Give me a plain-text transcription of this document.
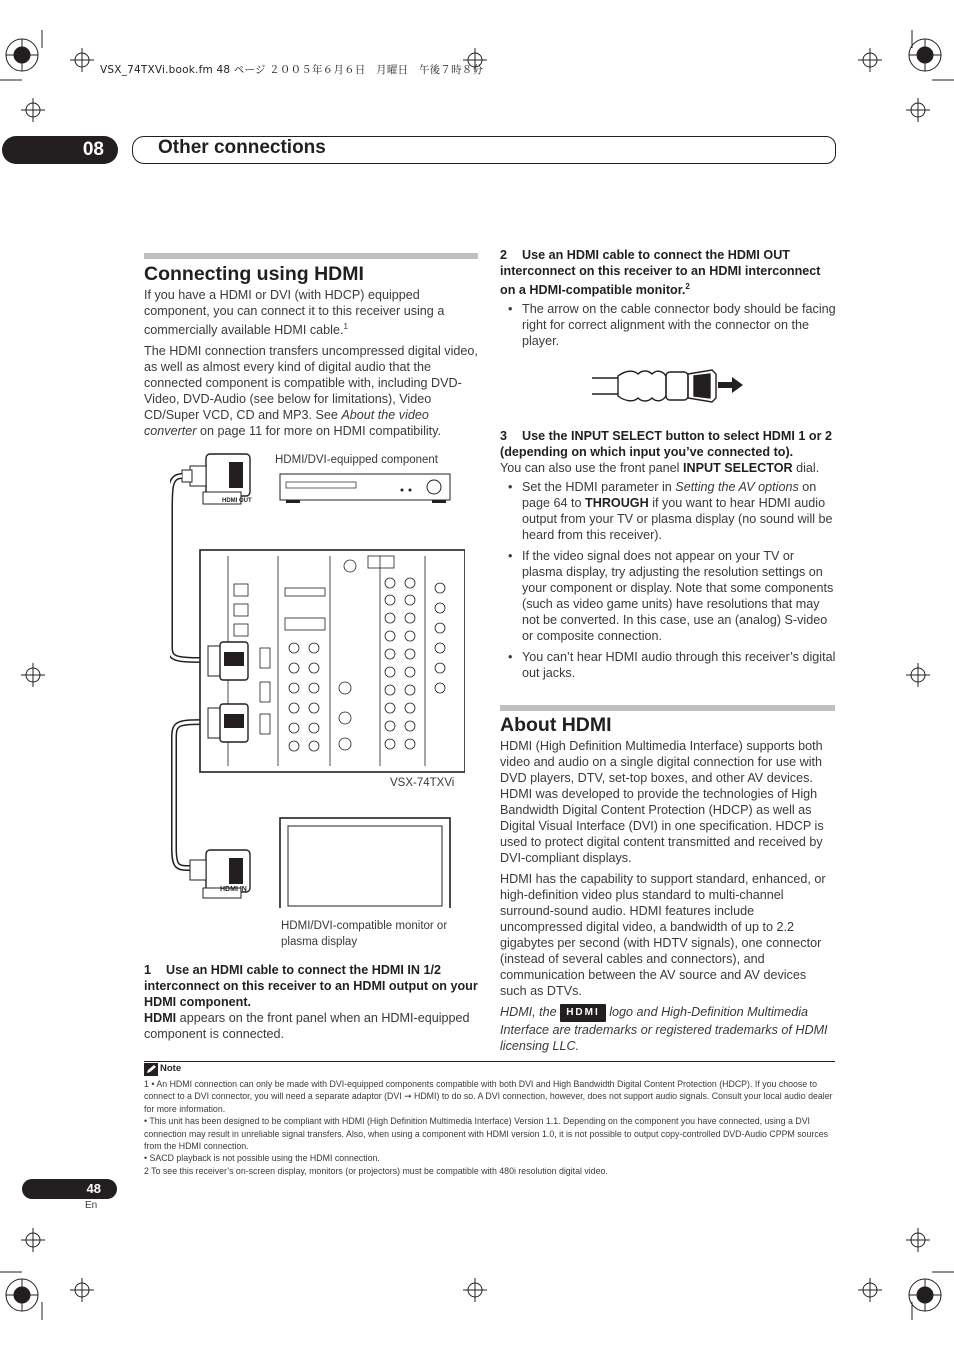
VSX_74TXVi.book.fm 48 ページ ２００５年６月６日　月曜日　午後７時８分
08	Other connections
Connecting using HDMI

If you have a HDMI or DVI (with HDCP) equipped component, you can connect it to this receiver using a commercially available HDMI cable.$^1$

The HDMI connection transfers uncompressed digital video, as well as almost every kind of digital audio that the connected component is compatible with, including DVD-Video, DVD-Audio (see below for limitations), Video CD/Super VCD, CD and MP3. See About the video converter on page 11 for more on HDMI compatibility.

HDMI/DVI-equipped component
VSX-74TXVi
HDMI/DVI-compatible monitor or plasma display
HDMI OUT
HDMI IN
1 Use an HDMI cable to connect the HDMI IN 1/2 interconnect on this receiver to an HDMI output on your HDMI component.
HDMI appears on the front panel when an HDMI-equipped component is connected.
2 Use an HDMI cable to connect the HDMI OUT interconnect on this receiver to an HDMI interconnect on a HDMI-compatible monitor.$^2$
• The arrow on the cable connector body should be facing right for correct alignment with the connector on the player.
3 Use the INPUT SELECT button to select HDMI 1 or 2 (depending on which input you’ve connected to).
You can also use the front panel INPUT SELECTOR dial.
• Set the HDMI parameter in Setting the AV options on page 64 to THROUGH if you want to hear HDMI audio output from your TV or plasma display (no sound will be heard from this receiver).
• If the video signal does not appear on your TV or plasma display, try adjusting the resolution settings on your component or display. Note that some components (such as video game units) have resolutions that may not be converted. In this case, use an (analog) S-video or composite connection.
• You can’t hear HDMI audio through this receiver’s digital out jacks.
About HDMI

HDMI (High Definition Multimedia Interface) supports both video and audio on a single digital connection for use with DVD players, DTV, set-top boxes, and other AV devices. HDMI was developed to provide the technologies of High Bandwidth Digital Content Protection (HDCP) as well as Digital Visual Interface (DVI) in one specification. HDCP is used to protect digital content transmitted and received by DVI-compliant displays.

HDMI has the capability to support standard, enhanced, or high-definition video plus standard to multi-channel surround-sound audio. HDMI features include uncompressed digital video, a bandwidth of up to 2.2 gigabytes per second (with HDTV signals), one connector (instead of several cables and connectors), and communication between the AV source and AV devices such as DTVs.

HDMI, the HDMI logo and High-Definition Multimedia Interface are trademarks or registered trademarks of HDMI licensing LLC.

Note
1 • An HDMI connection can only be made with DVI-equipped components compatible with both DVI and High Bandwidth Digital Content Protection (HDCP). If you choose to connect to a DVI connector, you will need a separate adaptor (DVI ➞ HDMI) to do so. A DVI connection, however, does not support audio signals. Consult your local audio dealer for more information.
• This unit has been designed to be compliant with HDMI (High Definition Multimedia Interface) Version 1.1. Depending on the component you have connected, using a DVI connection may result in unreliable signal transfers. Also, when using a component with HDMI version 1.0, it is not possible to output copy-controlled DVD-Audio CPPM sources from the HDMI connection.
• SACD playback is not possible using the HDMI connection.
2 To see this receiver’s on-screen display, monitors (or projectors) must be compatible with 480i resolution digital video.
48
En
